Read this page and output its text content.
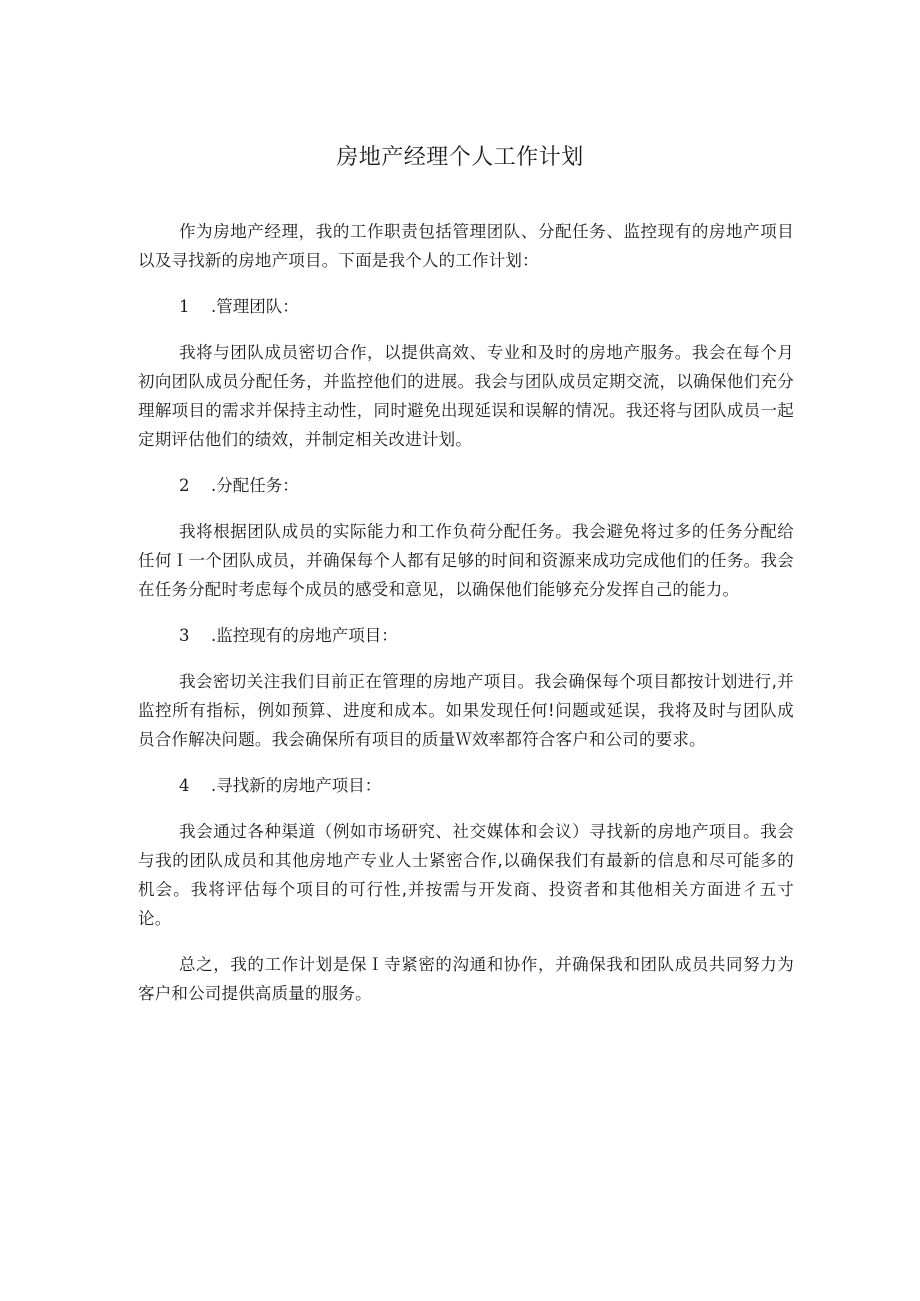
房地产经理个人工作计划

作为房地产经理，我的工作职责包括管理团队、分配任务、监控现有的房地产项目以及寻找新的房地产项目。下面是我个人的工作计划：

1 .管理团队：

我将与团队成员密切合作，以提供高效、专业和及时的房地产服务。我会在每个月初向团队成员分配任务，并监控他们的进展。我会与团队成员定期交流，以确保他们充分理解项目的需求并保持主动性，同时避免出现延误和误解的情况。我还将与团队成员一起定期评估他们的绩效，并制定相关改进计划。

2 .分配任务：

我将根据团队成员的实际能力和工作负荷分配任务。我会避免将过多的任务分配给任何Ｉ一个团队成员，并确保每个人都有足够的时间和资源来成功完成他们的任务。我会在任务分配时考虑每个成员的感受和意见，以确保他们能够充分发挥自己的能力。

3 .监控现有的房地产项目：

我会密切关注我们目前正在管理的房地产项目。我会确保每个项目都按计划进行,并监控所有指标，例如预算、进度和成本。如果发现任何!问题或延误，我将及时与团队成员合作解决问题。我会确保所有项目的质量Ｗ效率都符合客户和公司的要求。

4 .寻找新的房地产项目：

我会通过各种渠道（例如市场研究、社交媒体和会议）寻找新的房地产项目。我会与我的团队成员和其他房地产专业人士紧密合作,以确保我们有最新的信息和尽可能多的机会。我将评估每个项目的可行性,并按需与开发商、投资者和其他相关方面进彳五寸论。

总之，我的工作计划是保Ｉ寺紧密的沟通和协作，并确保我和团队成员共同努力为客户和公司提供高质量的服务。
